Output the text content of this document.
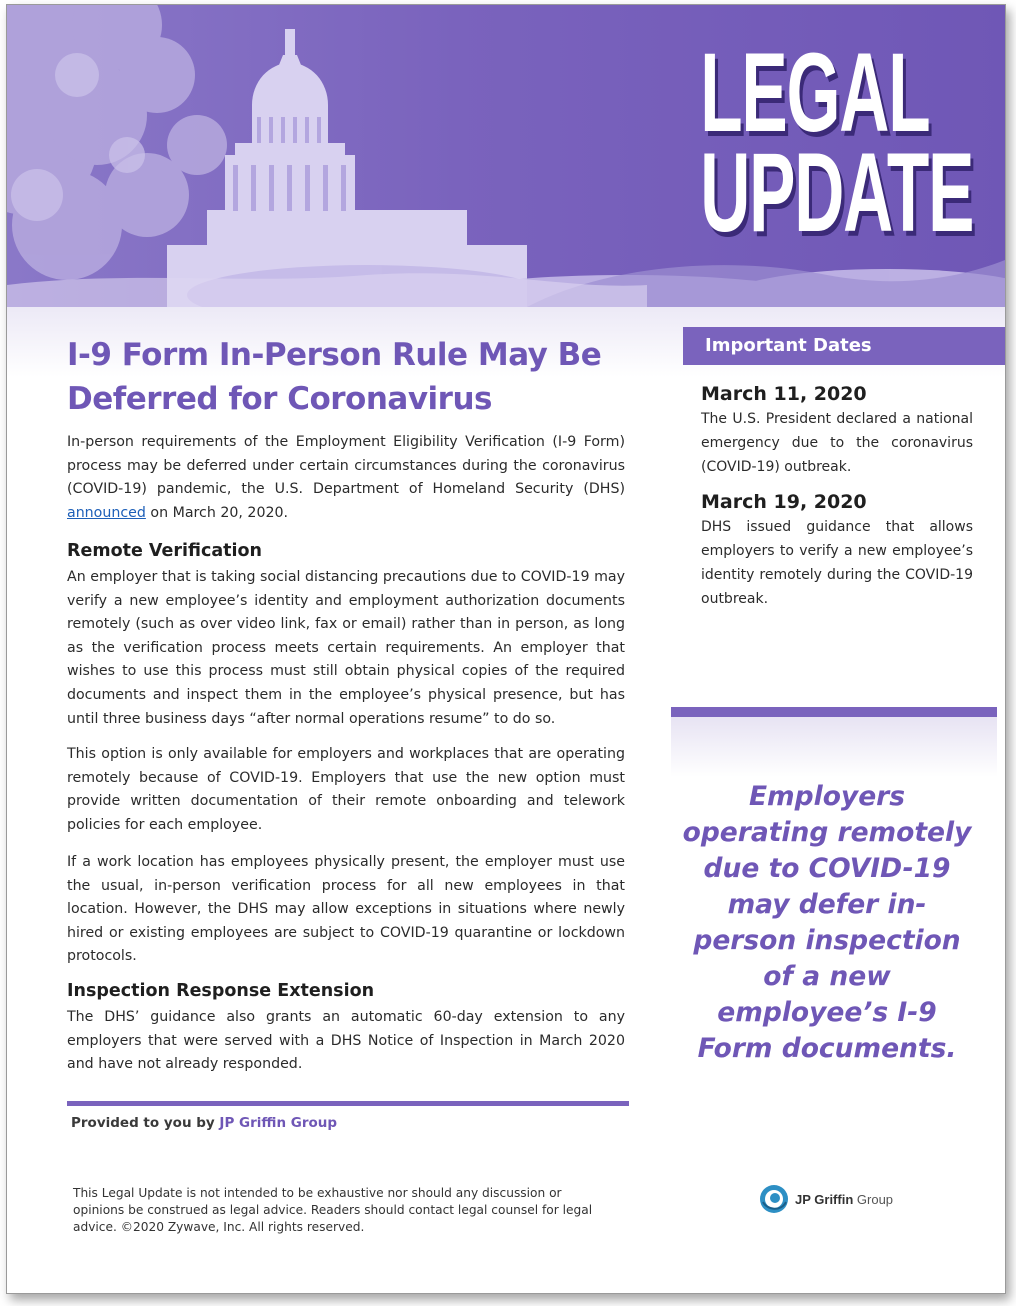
LEGAL
UPDATE
I-9 Form In-Person Rule May Be Deferred for Coronavirus
In-person requirements of the Employment Eligibility Verification (I-9 Form) process may be deferred under certain circumstances during the coronavirus (COVID-19) pandemic, the U.S. Department of Homeland Security (DHS) announced on March 20, 2020.
Remote Verification
An employer that is taking social distancing precautions due to COVID-19 may verify a new employee’s identity and employment authorization documents remotely (such as over video link, fax or email) rather than in person, as long as the verification process meets certain requirements. An employer that wishes to use this process must still obtain physical copies of the required documents and inspect them in the employee’s physical presence, but has until three business days “after normal operations resume” to do so.
This option is only available for employers and workplaces that are operating remotely because of COVID-19. Employers that use the new option must provide written documentation of their remote onboarding and telework policies for each employee.
If a work location has employees physically present, the employer must use the usual, in-person verification process for all new employees in that location. However, the DHS may allow exceptions in situations where newly hired or existing employees are subject to COVID-19 quarantine or lockdown protocols.
Inspection Response Extension
The DHS’ guidance also grants an automatic 60-day extension to any employers that were served with a DHS Notice of Inspection in March 2020 and have not already responded.
Provided to you by JP Griffin Group
This Legal Update is not intended to be exhaustive nor should any discussion or opinions be construed as legal advice. Readers should contact legal counsel for legal advice. ©2020 Zywave, Inc. All rights reserved.
Important Dates
March 11, 2020
The U.S. President declared a national emergency due to the coronavirus (COVID-19) outbreak.
March 19, 2020
DHS issued guidance that allows employers to verify a new employee’s identity remotely during the COVID-19 outbreak.
Employers operating remotely due to COVID-19 may defer in-person inspection of a new employee’s I-9 Form documents.
JP Griffin Group
